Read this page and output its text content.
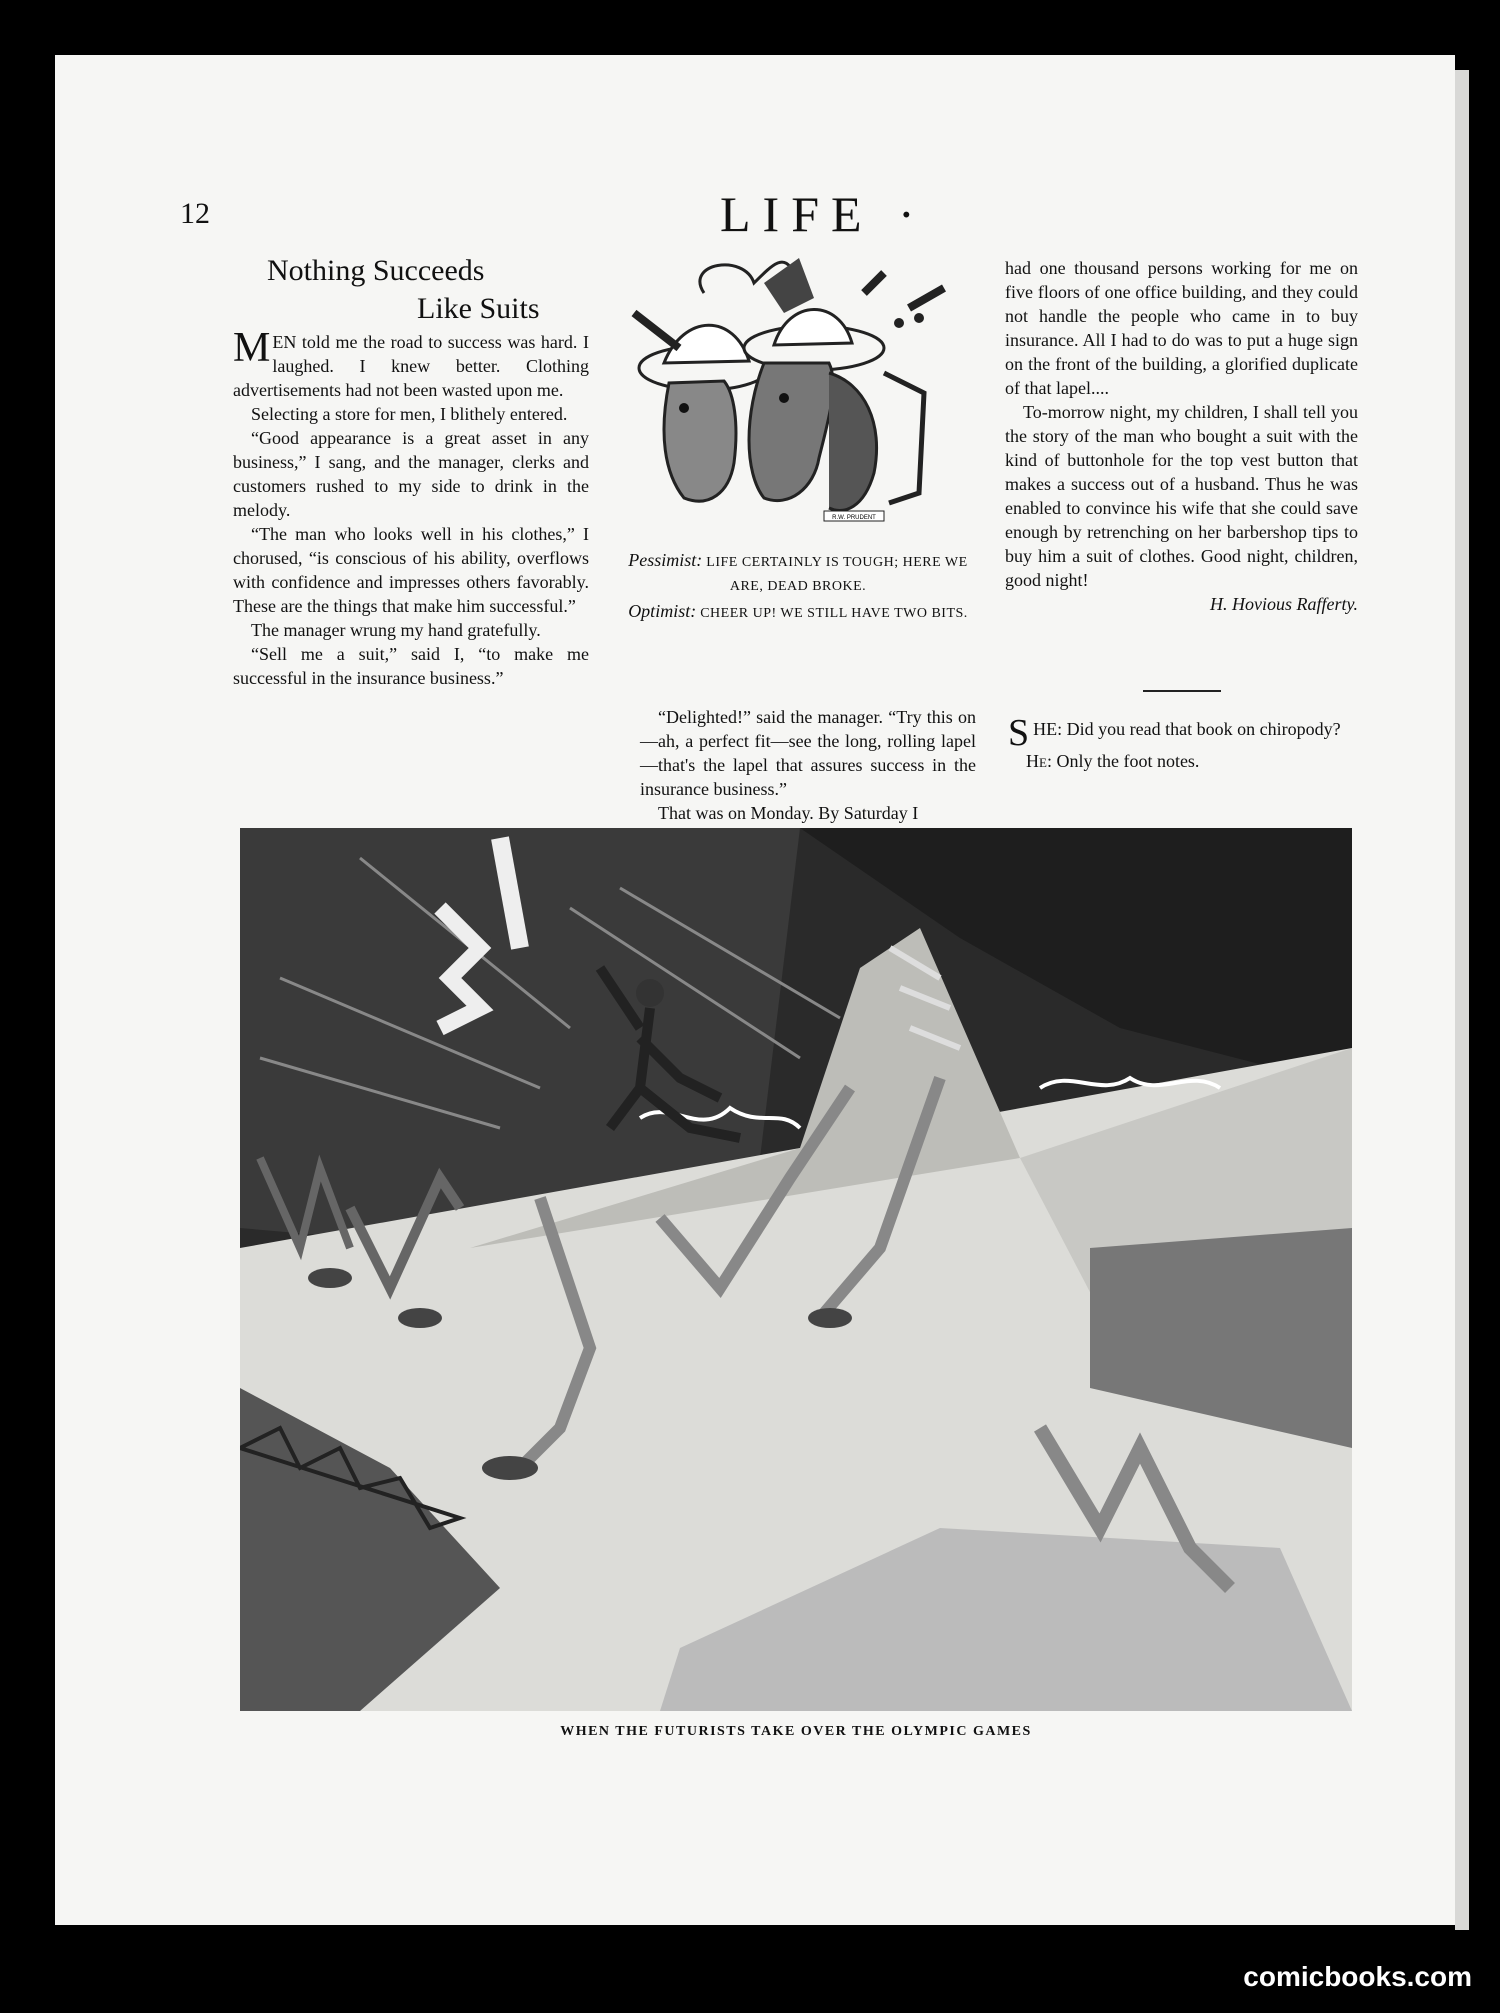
12	LIFE ·
Nothing Succeeds
Like Suits

MEN told me the road to success was hard. I laughed. I knew better. Clothing advertisements had not been wasted upon me.

Selecting a store for men, I blithely entered.

“Good appearance is a great asset in any business,” I sang, and the manager, clerks and customers rushed to my side to drink in the melody.

“The man who looks well in his clothes,” I chorused, “is conscious of his ability, overflows with confidence and impresses others favorably. These are the things that make him successful.”

The manager wrung my hand gratefully.

“Sell me a suit,” said I, “to make me successful in the insurance business.”

R.W. PRUDENT
Pessimist: LIFE CERTAINLY IS TOUGH; HERE WE ARE, DEAD BROKE.
Optimist: CHEER UP! WE STILL HAVE TWO BITS.

“Delighted!” said the manager. “Try this on—ah, a perfect fit—see the long, rolling lapel—that's the lapel that assures success in the insurance business.”

That was on Monday. By Saturday I

had one thousand persons working for me on five floors of one office building, and they could not handle the people who came in to buy insurance. All I had to do was to put a huge sign on the front of the building, a glorified duplicate of that lapel....

To-morrow night, my children, I shall tell you the story of the man who bought a suit with the kind of buttonhole for the top vest button that makes a success out of a husband. Thus he was enabled to convince his wife that she could save enough by retrenching on her barbershop tips to buy him a suit of clothes. Good night, children, good night!

H. Hovious Rafferty.

SHE: Did you read that book on chiropody?
He: Only the foot notes.
WHEN THE FUTURISTS TAKE OVER THE OLYMPIC GAMES
comicbooks.com
